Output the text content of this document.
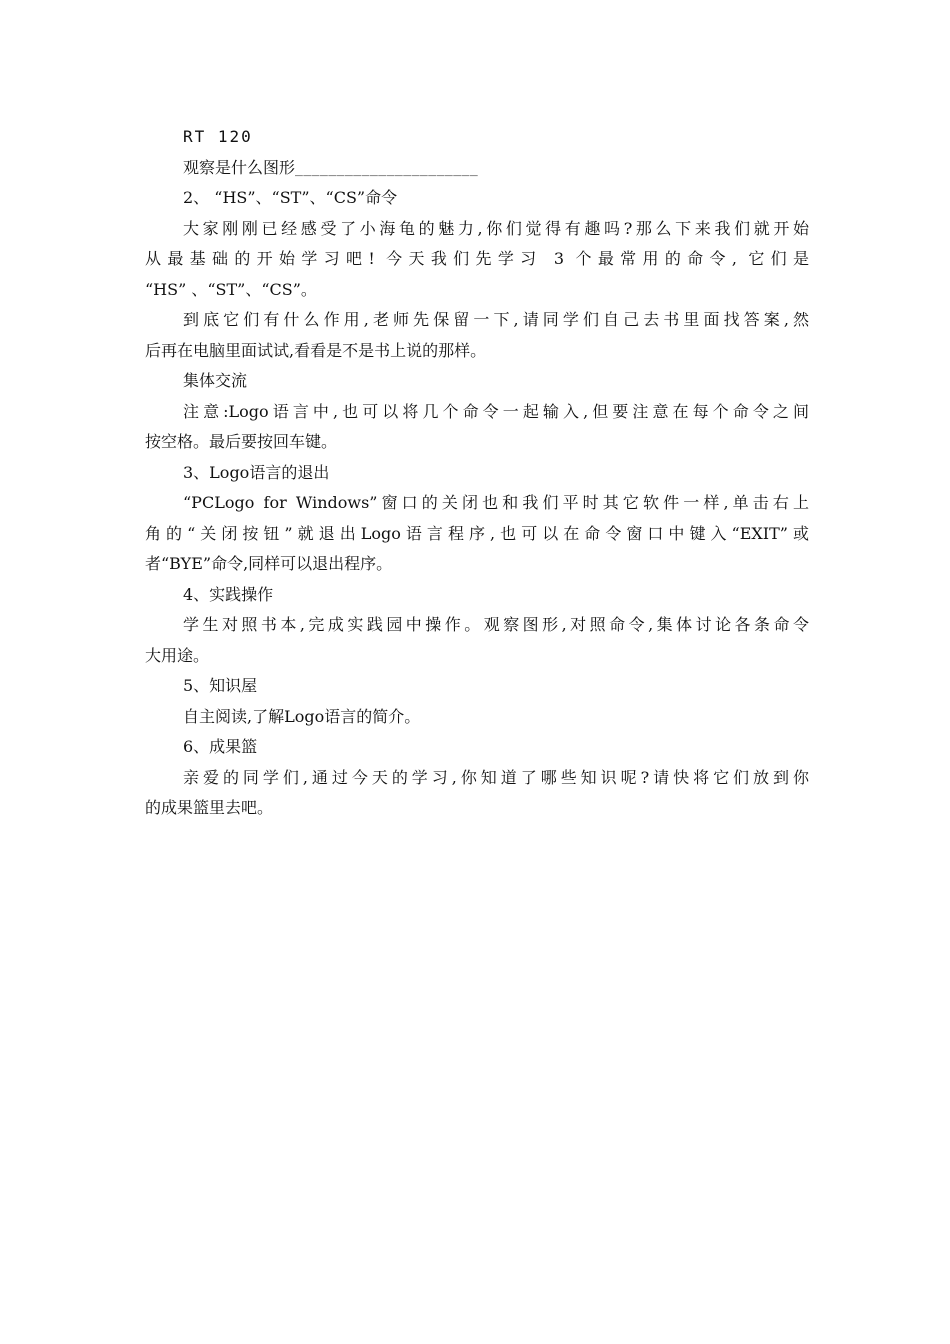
RT 120
观察是什么图形______________________
2、 “HS”、“ST”、“CS”命令
大家刚刚已经感受了小海龟的魅力,你们觉得有趣吗?那么下来我们就开始
从最基础的开始学习吧! 今天我们先学习 3 个最常用的命令, 它们是
“HS” 、“ST”、“CS”。
到底它们有什么作用,老师先保留一下,请同学们自己去书里面找答案,然
后再在电脑里面试试,看看是不是书上说的那样。
集体交流
注意:Logo语言中,也可以将几个命令一起输入,但要注意在每个命令之间
按空格。最后要按回车键。
3、Logo语言的退出
“PCLogo for Windows”窗口的关闭也和我们平时其它软件一样,单击右上
角的“关闭按钮”就退出Logo语言程序,也可以在命令窗口中键入“EXIT”或
者“BYE”命令,同样可以退出程序。
4、实践操作
学生对照书本,完成实践园中操作。观察图形,对照命令,集体讨论各条命令
大用途。
5、知识屋
自主阅读,了解Logo语言的简介。
6、成果篮
亲爱的同学们,通过今天的学习,你知道了哪些知识呢?请快将它们放到你
的成果篮里去吧。
